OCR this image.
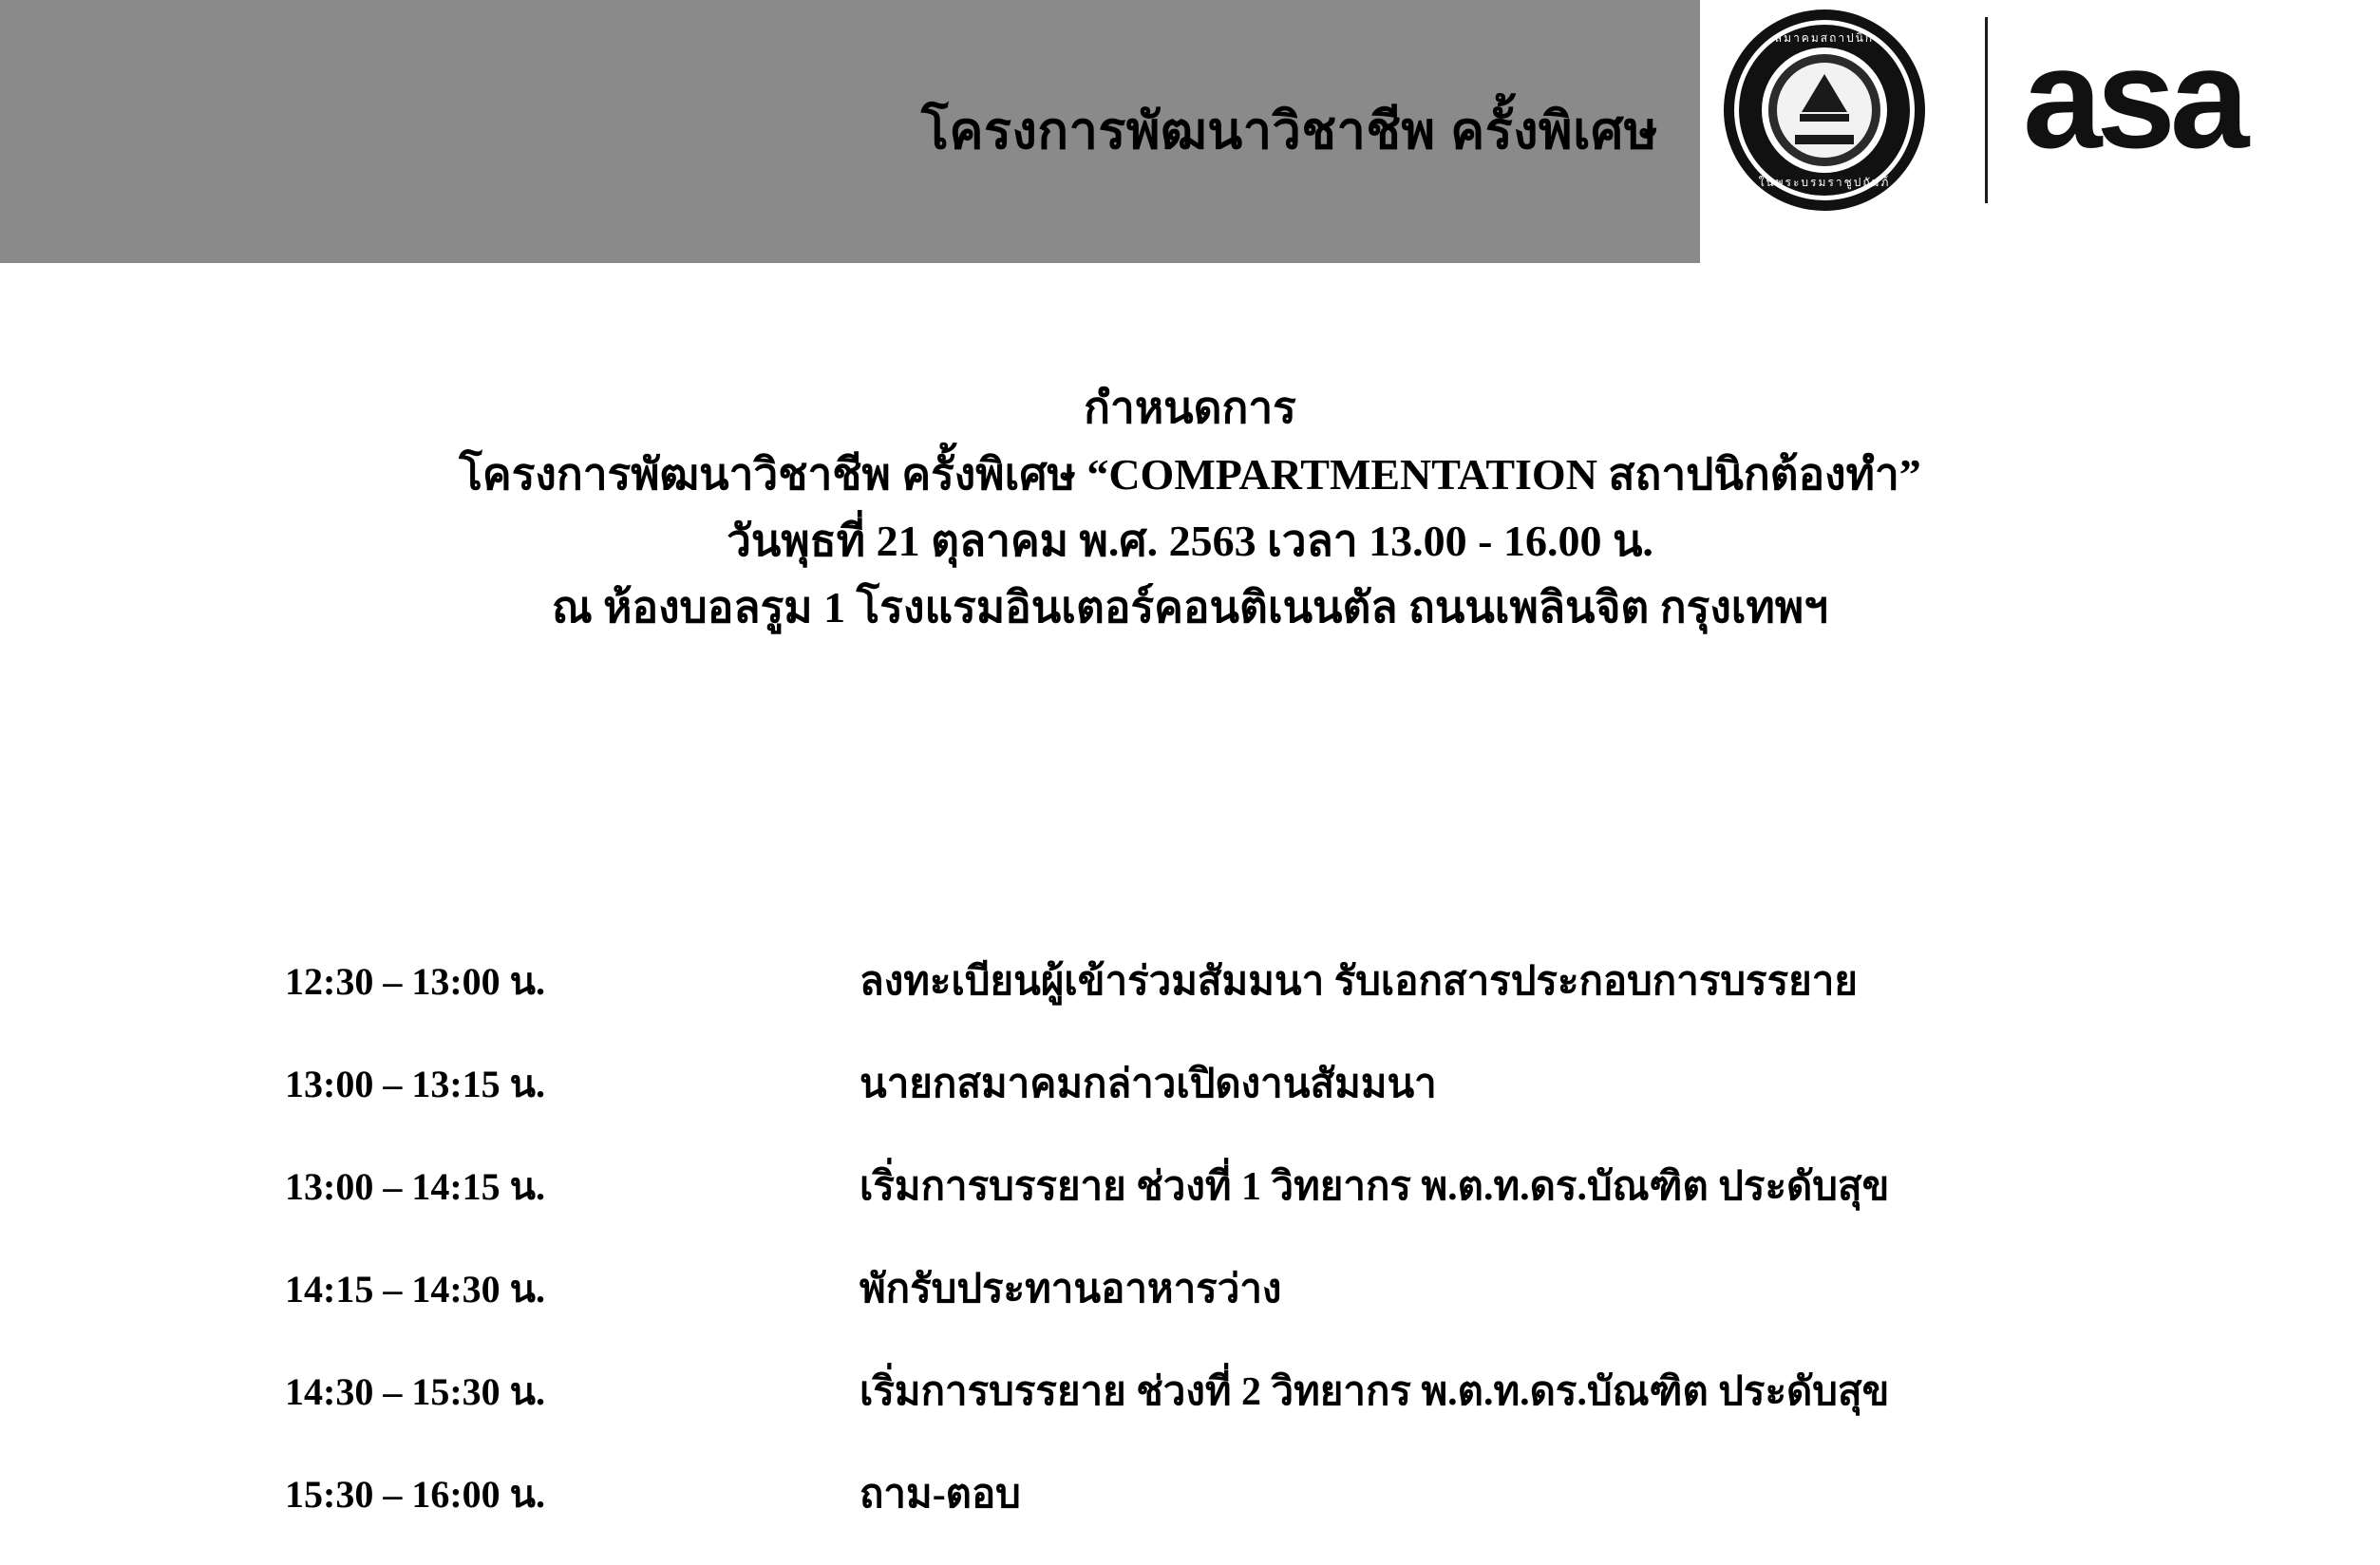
โครงการพัฒนาวิชาชีพ ครั้งพิเศษ
สมาคมสถาปนิก
ในพระบรมราชูปถัมภ์
asa
กำหนดการ
โครงการพัฒนาวิชาชีพ ครั้งพิเศษ “COMPARTMENTATION สถาปนิกต้องทำ”
วันพุธที่ 21 ตุลาคม พ.ศ. 2563 เวลา 13.00 - 16.00 น.
ณ ห้องบอลรูม 1 โรงแรมอินเตอร์คอนติเนนตัล ถนนเพลินจิต กรุงเทพฯ
12:30 – 13:00 น.	ลงทะเบียนผู้เข้าร่วมสัมมนา รับเอกสารประกอบการบรรยาย
13:00 – 13:15 น.	นายกสมาคมกล่าวเปิดงานสัมมนา
13:00 – 14:15 น.	เริ่มการบรรยาย ช่วงที่ 1 วิทยากร พ.ต.ท.ดร.บัณฑิต ประดับสุข
14:15 – 14:30 น.	พักรับประทานอาหารว่าง
14:30 – 15:30 น.	เริ่มการบรรยาย ช่วงที่ 2 วิทยากร พ.ต.ท.ดร.บัณฑิต ประดับสุข
15:30 – 16:00 น.	ถาม-ตอบ
